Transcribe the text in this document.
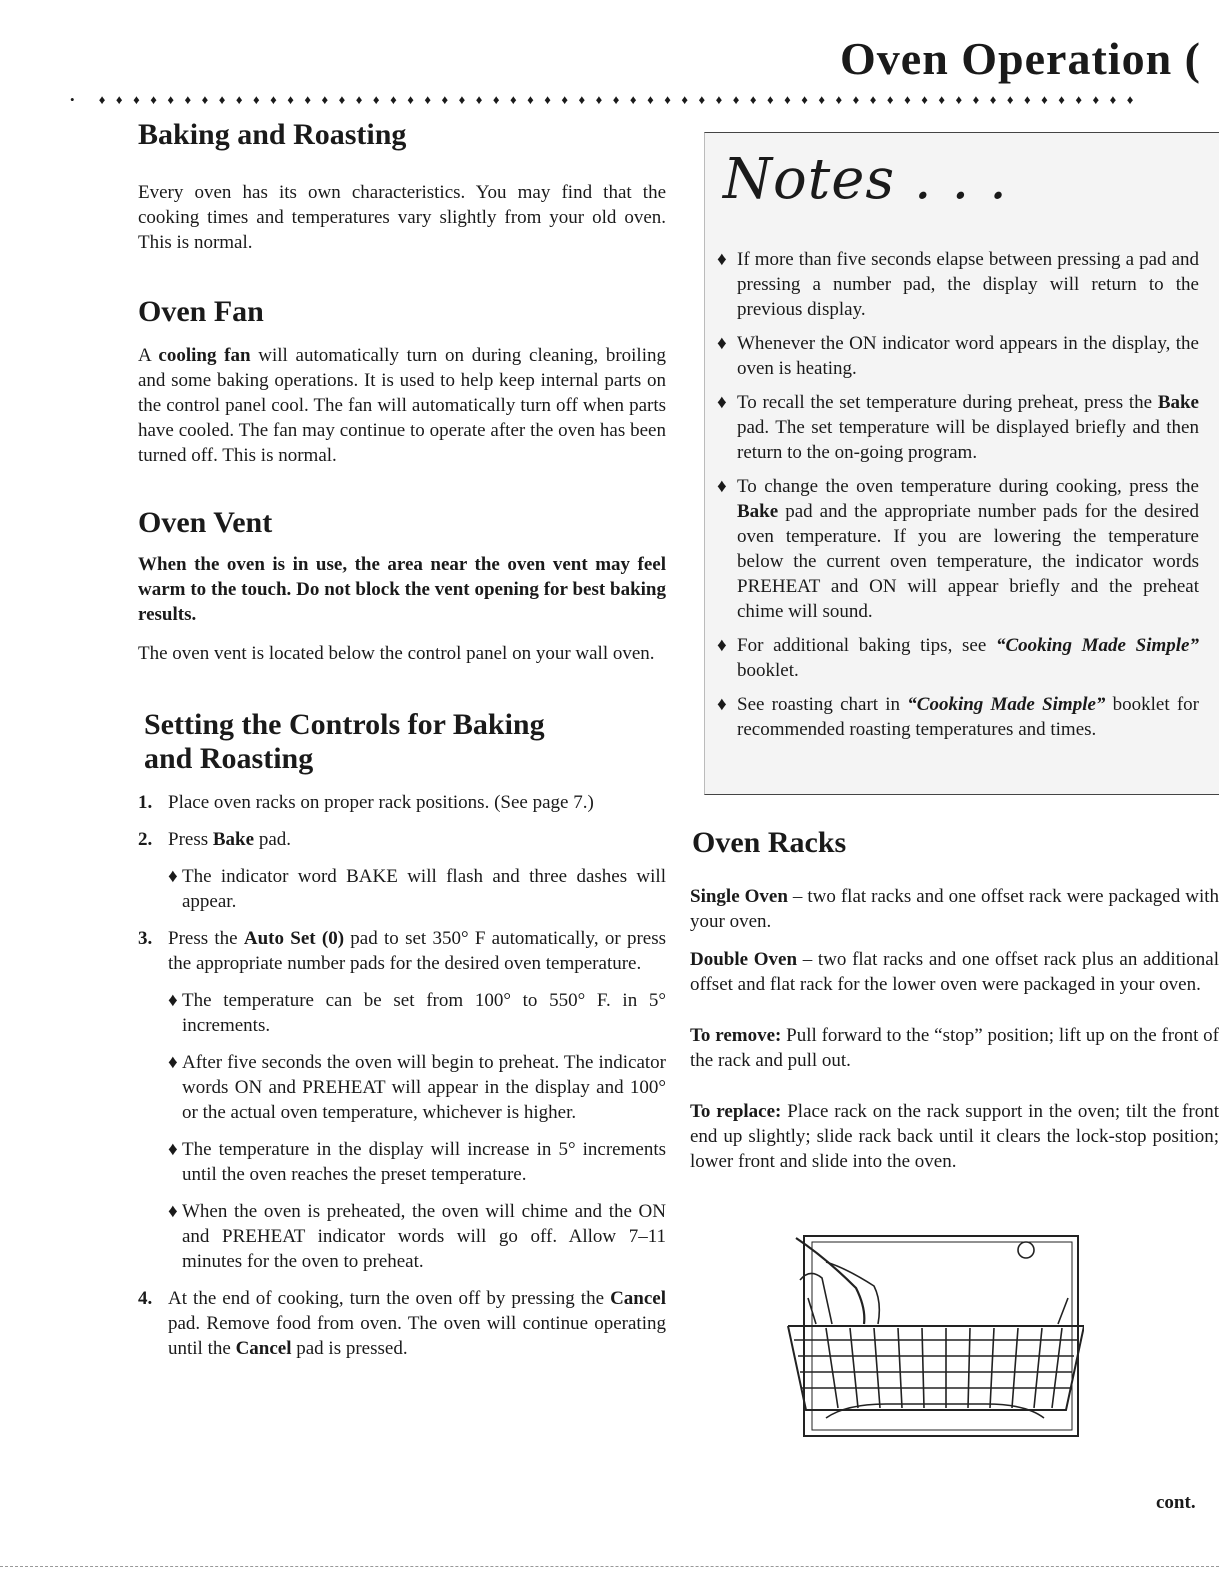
Oven Operation (
• ♦♦♦♦♦♦♦♦♦♦♦♦♦♦♦♦♦♦♦♦♦♦♦♦♦♦♦♦♦♦♦♦♦♦♦♦♦♦♦♦♦♦♦♦♦♦♦♦♦♦♦♦♦♦♦♦♦♦♦♦♦
Baking and Roasting

Every oven has its own characteristics. You may find that the cooking times and temperatures vary slightly from your old oven. This is normal.

Oven Fan

A cooling fan will automatically turn on during cleaning, broiling and some baking operations. It is used to help keep internal parts on the control panel cool. The fan will automatically turn off when parts have cooled. The fan may continue to operate after the oven has been turned off. This is normal.

Oven Vent

When the oven is in use, the area near the oven vent may feel warm to the touch. Do not block the vent opening for best baking results.

The oven vent is located below the control panel on your wall oven.

Setting the Controls for Baking
and Roasting
1. Place oven racks on proper rack positions. (See page 7.)
2. Press Bake pad.
♦ The indicator word BAKE will flash and three dashes will appear.
3. Press the Auto Set (0) pad to set 350° F automatically, or press the appropriate number pads for the desired oven temperature.
♦ The temperature can be set from 100° to 550° F. in 5° increments.
♦ After five seconds the oven will begin to preheat. The indicator words ON and PREHEAT will appear in the display and 100° or the actual oven temperature, whichever is higher.
♦ The temperature in the display will increase in 5° increments until the oven reaches the preset temperature.
♦ When the oven is preheated, the oven will chime and the ON and PREHEAT indicator words will go off. Allow 7–11 minutes for the oven to preheat.
4. At the end of cooking, turn the oven off by pressing the Cancel pad. Remove food from oven. The oven will continue operating until the Cancel pad is pressed.
Notes . . .
♦ If more than five seconds elapse between pressing a pad and pressing a number pad, the display will return to the previous display.
♦ Whenever the ON indicator word appears in the display, the oven is heating.
♦ To recall the set temperature during preheat, press the Bake pad. The set temperature will be displayed briefly and then return to the on-going program.
♦ To change the oven temperature during cooking, press the Bake pad and the appropriate number pads for the desired oven temperature. If you are lowering the temperature below the current oven temperature, the indicator words PREHEAT and ON will appear briefly and the preheat chime will sound.
♦ For additional baking tips, see “Cooking Made Simple” booklet.
♦ See roasting chart in “Cooking Made Simple” booklet for recommended roasting temperatures and times.
Oven Racks

Single Oven – two flat racks and one offset rack were packaged with your oven.

Double Oven – two flat racks and one offset rack plus an additional offset and flat rack for the lower oven were packaged in your oven.

To remove: Pull forward to the “stop” position; lift up on the front of the rack and pull out.

To replace: Place rack on the rack support in the oven; tilt the front end up slightly; slide rack back until it clears the lock-stop position; lower front and slide into the oven.

cont.
